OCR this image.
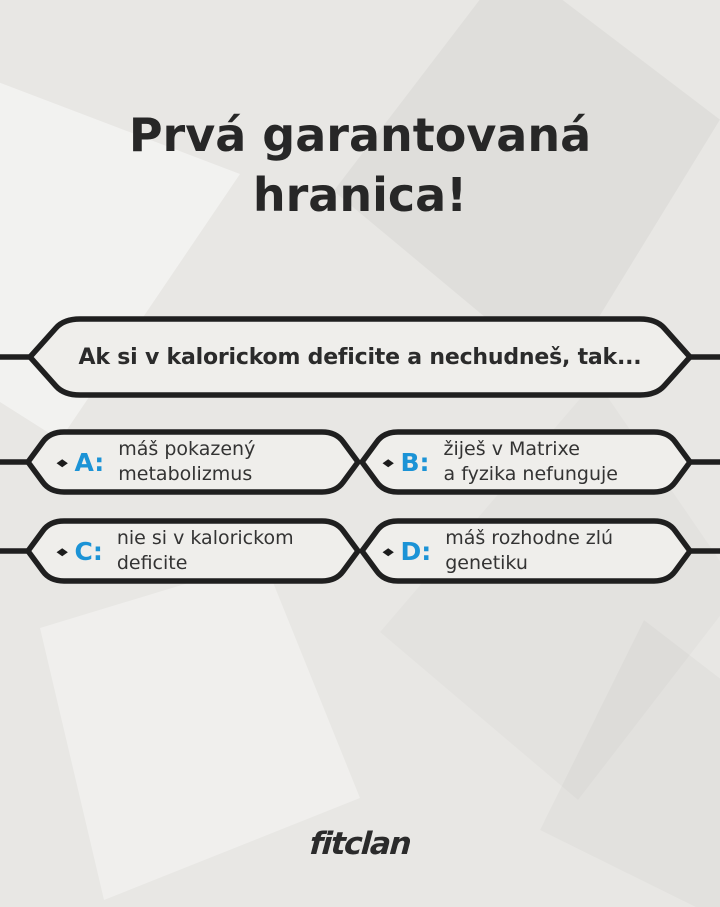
Prvá garantovaná
hranica!
Ak si v kalorickom deficite a nechudneš, tak...
◆ A: máš pokazený
metabolizmus
◆ B: žiješ v Matrixe
a fyzika nefunguje
◆ C: nie si v kalorickom
deficite
◆ D: máš rozhodne zlú
genetiku
fitclan
